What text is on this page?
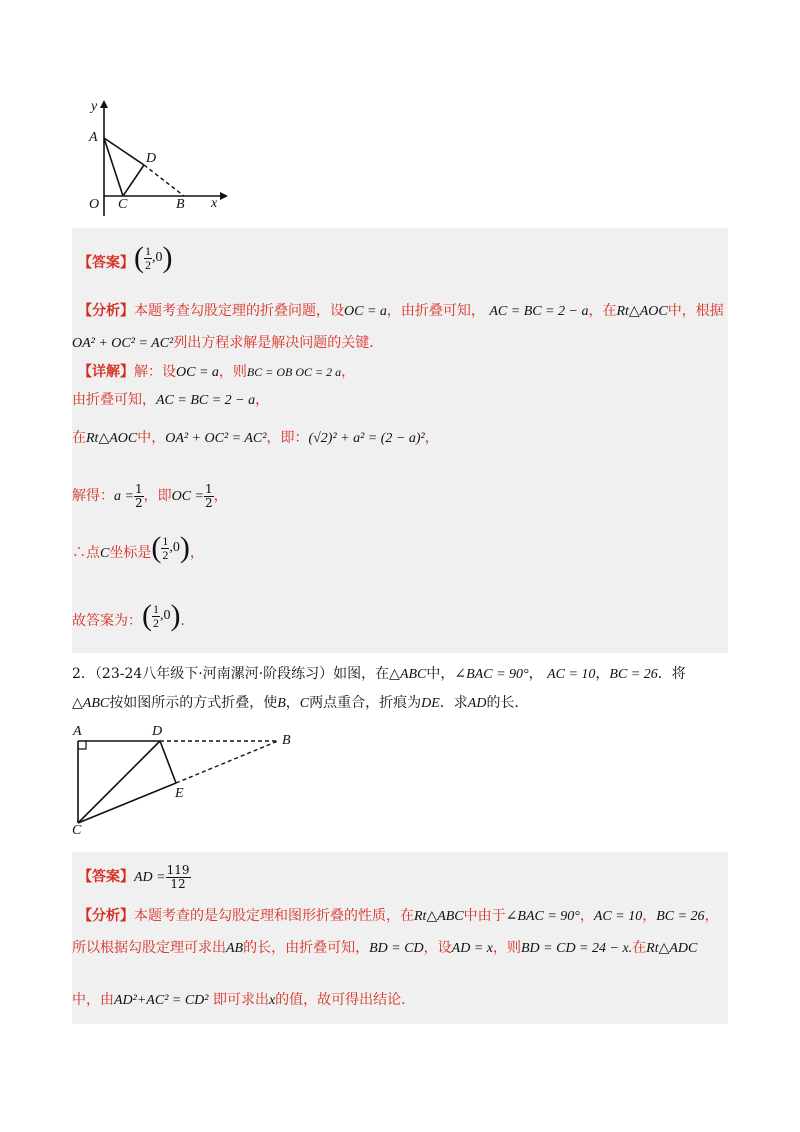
y
x
A
D
O C	B
【答案】 ( $\frac{1}{2} ,0$ )
【分析】本题考查勾股定理的折叠问题，设OC = a，由折叠可知， AC = BC = 2 − a，在Rt△AOC中，根据
OA² + OC² = AC²列出方程求解是解决问题的关键．
【详解】解：设OC = a，则BC = OB OC = 2 a，
由折叠可知，AC = BC = 2 − a，
在Rt△AOC中，OA² + OC² = AC²，即：(√2)² + a² = (2 − a)²，
解得：$a = \frac{1}{2}$ ，即OC = $\frac{1}{2}$ ，
∴点C坐标是 ( $\frac{1}{2} ,0$ ) ，
故答案为： ( $\frac{1}{2} ,0$ ) ．
2．（23-24八年级下·河南漯河·阶段练习）如图，在△ABC中，∠BAC = 90°， AC = 10，BC = 26．将
△ABC按如图所示的方式折叠，使B，C两点重合，折痕为DE．求AD的长．
A	D
B
E
C
【答案】AD = $\frac{119}{12}$
【分析】本题考查的是勾股定理和图形折叠的性质，在Rt△ABC中由于∠BAC = 90°，AC = 10，BC = 26，
所以根据勾股定理可求出AB的长，由折叠可知，BD = CD，设AD = x，则BD = CD = 24 − x.在Rt△ADC
中，由AD²+AC² = CD² 即可求出x的值，故可得出结论．
